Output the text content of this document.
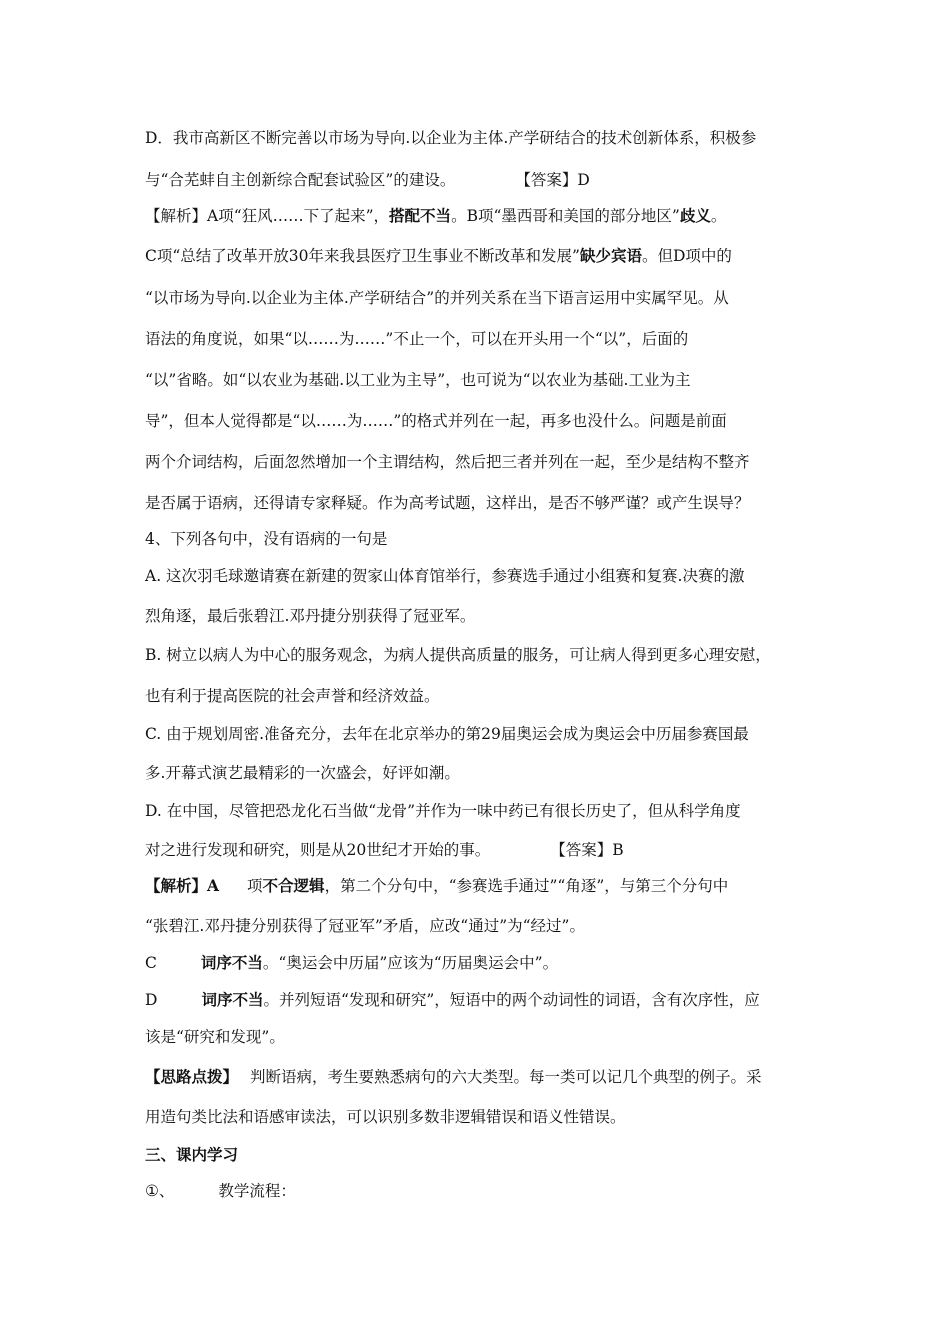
D．我市高新区不断完善以市场为导向.以企业为主体.产学研结合的技术创新体系，积极参
与“合芜蚌自主创新综合配套试验区”的建设。	【答案】D
【解析】A项“狂风……下了起来”，搭配不当。B项“墨西哥和美国的部分地区”歧义。
C项“总结了改革开放30年来我县医疗卫生事业不断改革和发展”缺少宾语。但D项中的
“以市场为导向.以企业为主体.产学研结合”的并列关系在当下语言运用中实属罕见。从
语法的角度说，如果“以……为……”不止一个，可以在开头用一个“以”，后面的
“以”省略。如“以农业为基础.以工业为主导”，也可说为“以农业为基础.工业为主
导”，但本人觉得都是“以……为……”的格式并列在一起，再多也没什么。问题是前面
两个介词结构，后面忽然增加一个主谓结构，然后把三者并列在一起，至少是结构不整齐
是否属于语病，还得请专家释疑。作为高考试题，这样出，是否不够严谨？或产生误导？
4、下列各句中，没有语病的一句是
A. 这次羽毛球邀请赛在新建的贺家山体育馆举行，参赛选手通过小组赛和复赛.决赛的激
烈角逐，最后张碧江.邓丹捷分别获得了冠亚军。
B. 树立以病人为中心的服务观念，为病人提供高质量的服务，可让病人得到更多心理安慰，
也有利于提高医院的社会声誉和经济效益。
C. 由于规划周密.准备充分，去年在北京举办的第29届奥运会成为奥运会中历届参赛国最
多.开幕式演艺最精彩的一次盛会，好评如潮。
D. 在中国，尽管把恐龙化石当做“龙骨”并作为一味中药已有很长历史了，但从科学角度
对之进行发现和研究，则是从20世纪才开始的事。	【答案】B
【解析】A 项不合逻辑，第二个分句中，“参赛选手通过”“角逐”，与第三个分句中
“张碧江.邓丹捷分别获得了冠亚军”矛盾，应改“通过”为“经过”。
C	词序不当。“奥运会中历届”应该为“历届奥运会中”。
D	词序不当。并列短语“发现和研究”，短语中的两个动词性的词语，含有次序性，应
该是“研究和发现”。
【思路点拨】 判断语病，考生要熟悉病句的六大类型。每一类可以记几个典型的例子。采
用造句类比法和语感审读法，可以识别多数非逻辑错误和语义性错误。
三、课内学习
①、	教学流程：
